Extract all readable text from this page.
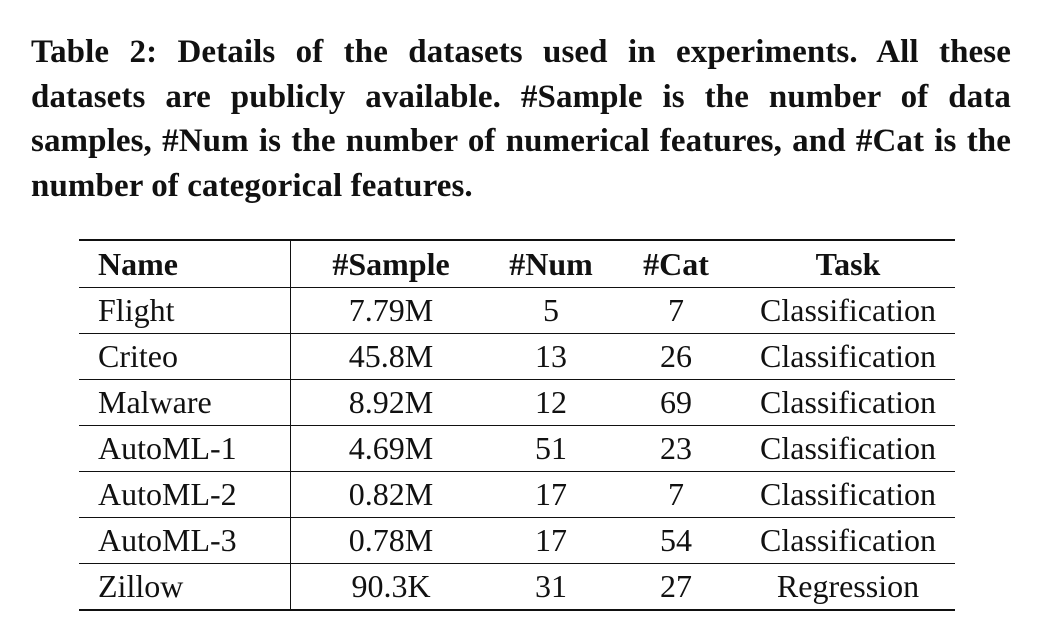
Table 2: Details of the datasets used in experiments. All these datasets are publicly available. #Sample is the number of data samples, #Num is the number of numerical features, and #Cat is the number of categorical features.

Name	#Sample	#Num	#Cat	Task
Flight	7.79M	5	7	Classification
Criteo	45.8M	13	26	Classification
Malware	8.92M	12	69	Classification
AutoML-1	4.69M	51	23	Classification
AutoML-2	0.82M	17	7	Classification
AutoML-3	0.78M	17	54	Classification
Zillow	90.3K	31	27	Regression
